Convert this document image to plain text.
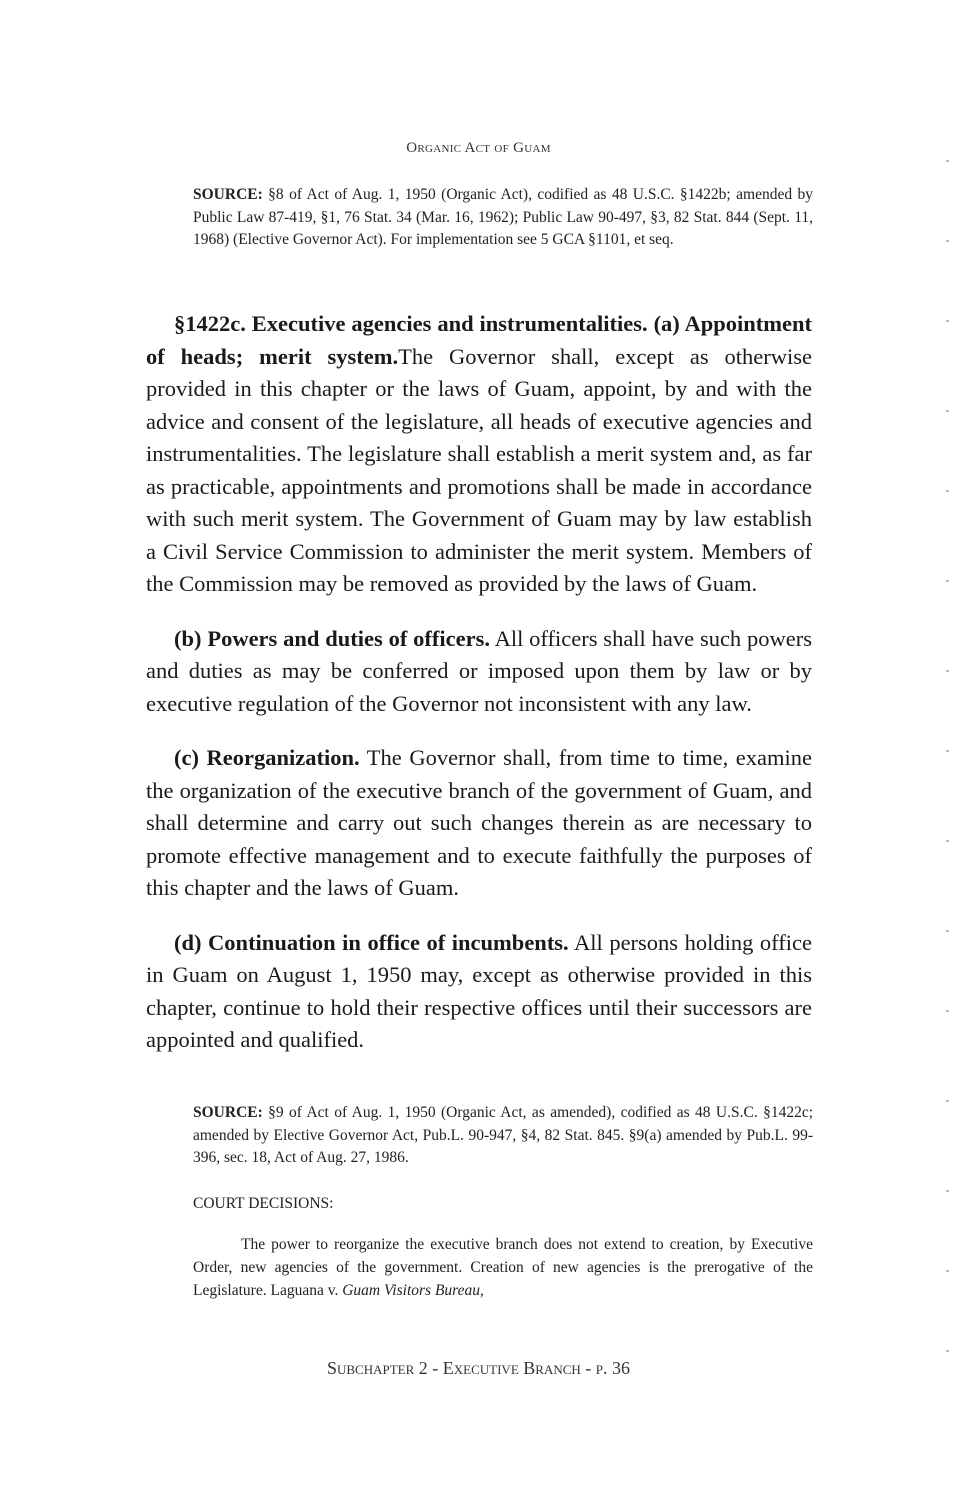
Organic Act of Guam
SOURCE: §8 of Act of Aug. 1, 1950 (Organic Act), codified as 48 U.S.C. §1422b; amended by Public Law 87-419, §1, 76 Stat. 34 (Mar. 16, 1962); Public Law 90-497, §3, 82 Stat. 844 (Sept. 11, 1968) (Elective Governor Act). For implementation see 5 GCA §1101, et seq.

§1422c. Executive agencies and instrumentalities. (a) Appointment of heads; merit system.The Governor shall, except as otherwise provided in this chapter or the laws of Guam, appoint, by and with the advice and consent of the legislature, all heads of executive agencies and instrumentalities. The legislature shall establish a merit system and, as far as practicable, appointments and promotions shall be made in accordance with such merit system. The Government of Guam may by law establish a Civil Service Commission to administer the merit system. Members of the Commission may be removed as provided by the laws of Guam.

(b) Powers and duties of officers. All officers shall have such powers and duties as may be conferred or imposed upon them by law or by executive regulation of the Governor not inconsistent with any law.

(c) Reorganization. The Governor shall, from time to time, examine the organization of the executive branch of the government of Guam, and shall determine and carry out such changes therein as are necessary to promote effective management and to execute faithfully the purposes of this chapter and the laws of Guam.

(d) Continuation in office of incumbents. All persons holding office in Guam on August 1, 1950 may, except as otherwise provided in this chapter, continue to hold their respective offices until their successors are appointed and qualified.

SOURCE: §9 of Act of Aug. 1, 1950 (Organic Act, as amended), codified as 48 U.S.C. §1422c; amended by Elective Governor Act, Pub.L. 90-947, §4, 82 Stat. 845. §9(a) amended by Pub.L. 99-396, sec. 18, Act of Aug. 27, 1986.
COURT DECISIONS:

The power to reorganize the executive branch does not extend to creation, by Executive Order, new agencies of the government. Creation of new agencies is the prerogative of the Legislature. Laguana v. Guam Visitors Bureau,

Subchapter 2 - Executive Branch - p. 36
